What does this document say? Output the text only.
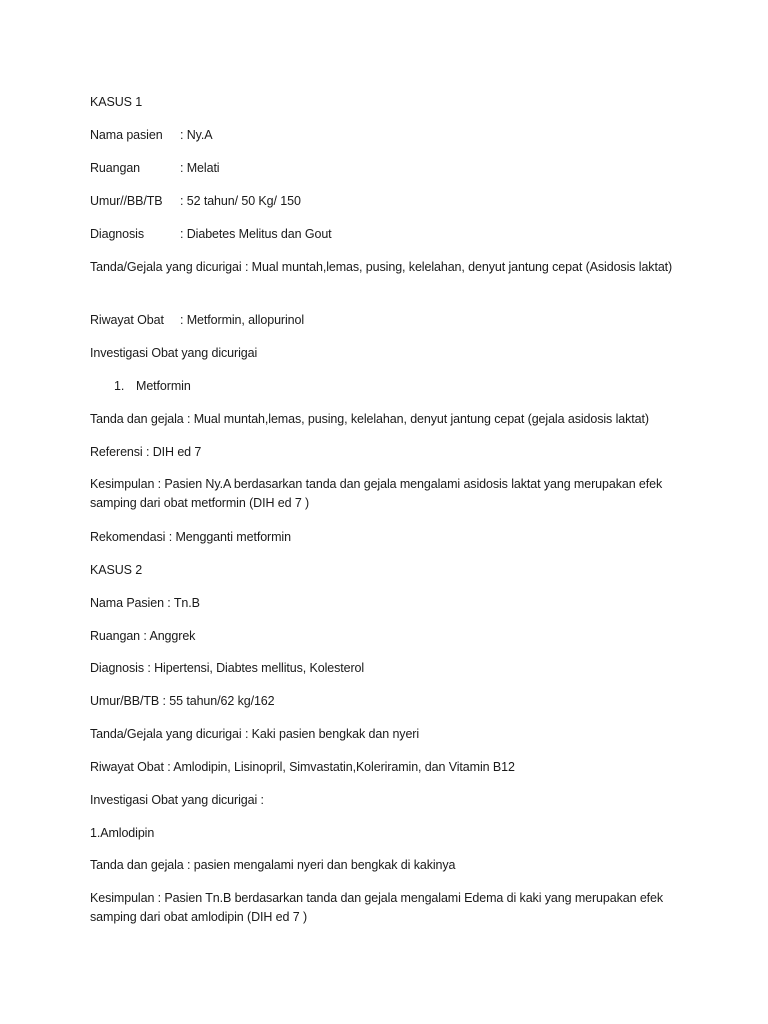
KASUS 1
Nama pasien : Ny.A
Ruangan	: Melati
Umur//BB/TB : 52 tahun/ 50 Kg/ 150
Diagnosis	: Diabetes Melitus dan Gout
Tanda/Gejala yang dicurigai : Mual muntah,lemas, pusing, kelelahan, denyut jantung cepat (Asidosis laktat)
Riwayat Obat : Metformin, allopurinol
Investigasi Obat yang dicurigai
1. Metformin
Tanda dan gejala : Mual muntah,lemas, pusing, kelelahan, denyut jantung cepat (gejala asidosis laktat)
Referensi : DIH ed 7
Kesimpulan : Pasien Ny.A berdasarkan tanda dan gejala mengalami asidosis laktat yang merupakan efek samping dari obat metformin (DIH ed 7 )
Rekomendasi : Mengganti metformin
KASUS 2
Nama Pasien : Tn.B
Ruangan : Anggrek
Diagnosis : Hipertensi, Diabtes mellitus, Kolesterol
Umur/BB/TB : 55 tahun/62 kg/162
Tanda/Gejala yang dicurigai : Kaki pasien bengkak dan nyeri
Riwayat Obat : Amlodipin, Lisinopril, Simvastatin,Koleriramin, dan Vitamin B12
Investigasi Obat yang dicurigai :
1.Amlodipin
Tanda dan gejala : pasien mengalami nyeri dan bengkak di kakinya
Kesimpulan : Pasien Tn.B berdasarkan tanda dan gejala mengalami Edema di kaki yang merupakan efek samping dari obat amlodipin (DIH ed 7 )
